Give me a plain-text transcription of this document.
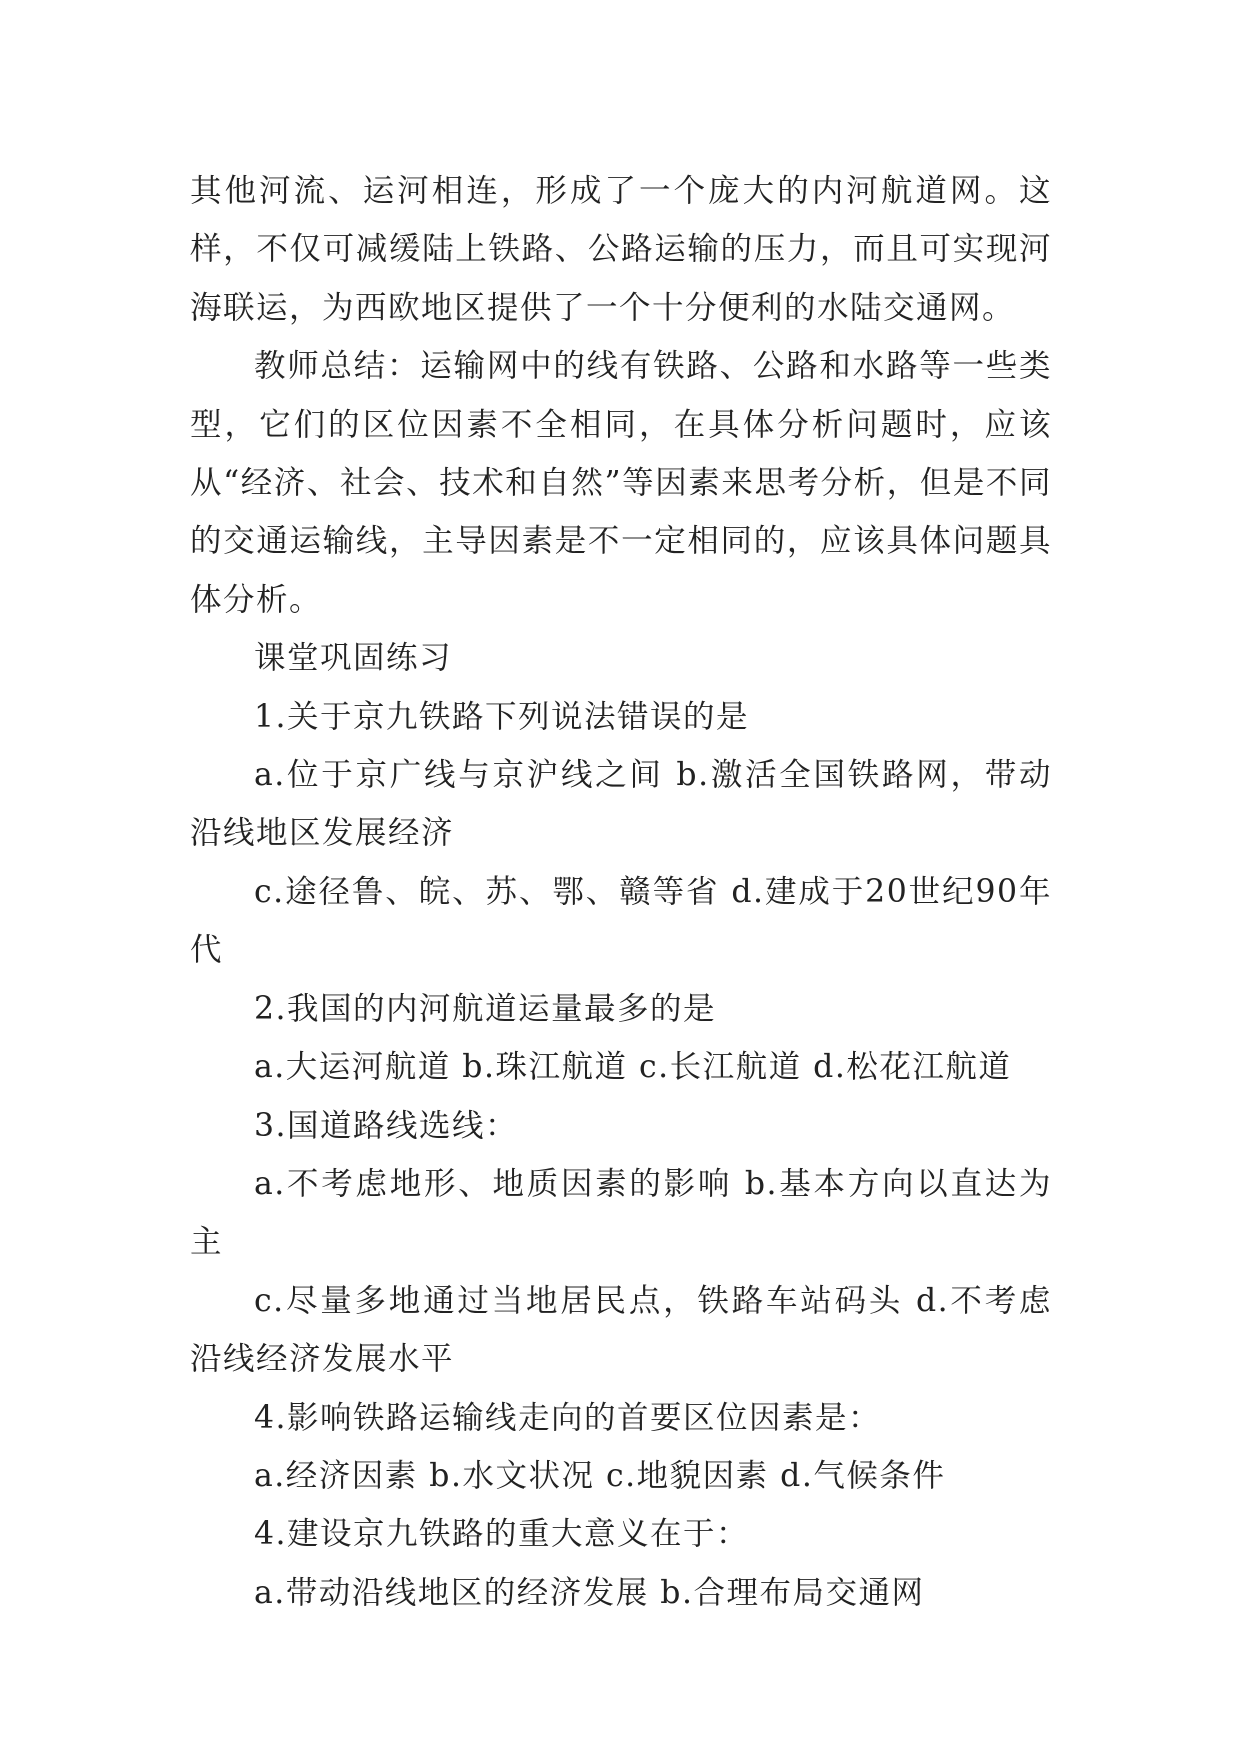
其他河流、运河相连，形成了一个庞大的内河航道网。这样，不仅可减缓陆上铁路、公路运输的压力，而且可实现河海联运，为西欧地区提供了一个十分便利的水陆交通网。

教师总结：运输网中的线有铁路、公路和水路等一些类型，它们的区位因素不全相同，在具体分析问题时，应该从“经济、社会、技术和自然”等因素来思考分析，但是不同的交通运输线，主导因素是不一定相同的，应该具体问题具体分析。

课堂巩固练习

1.关于京九铁路下列说法错误的是

a.位于京广线与京沪线之间 b.激活全国铁路网，带动沿线地区发展经济

c.途径鲁、皖、苏、鄂、赣等省 d.建成于20世纪90年代

2.我国的内河航道运量最多的是

a.大运河航道 b.珠江航道 c.长江航道 d.松花江航道

3.国道路线选线：

a.不考虑地形、地质因素的影响 b.基本方向以直达为主

c.尽量多地通过当地居民点，铁路车站码头 d.不考虑沿线经济发展水平

4.影响铁路运输线走向的首要区位因素是：

a.经济因素 b.水文状况 c.地貌因素 d.气候条件

4.建设京九铁路的重大意义在于：

a.带动沿线地区的经济发展 b.合理布局交通网
